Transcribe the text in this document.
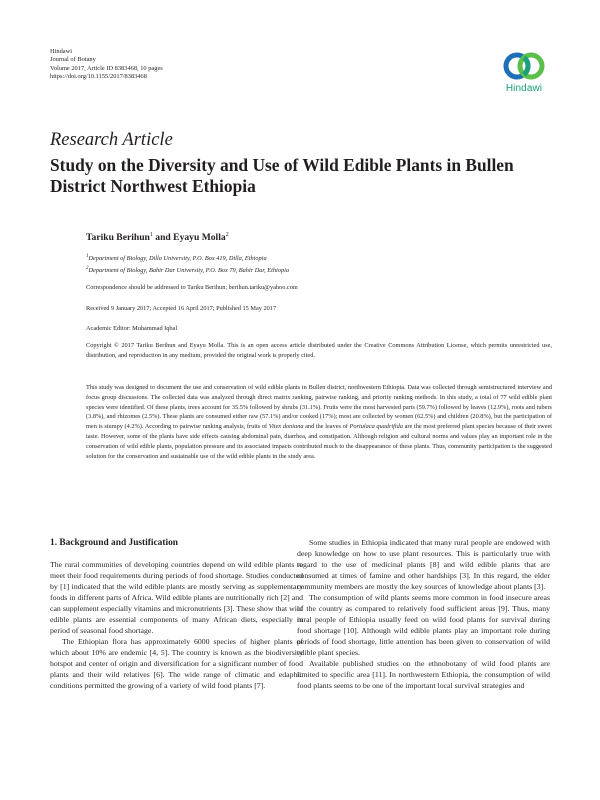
Hindawi
Journal of Botany
Volume 2017, Article ID 8383468, 10 pages
https://doi.org/10.1155/2017/8383468
Hindawi
Research Article
Study on the Diversity and Use of Wild Edible Plants in Bullen District Northwest Ethiopia
Tariku Berihun$^1$ and Eyayu Molla$^2$
$^1$Department of Biology, Dilla University, P.O. Box 419, Dilla, Ethiopia
$^2$Department of Biology, Bahir Dar University, P.O. Box 79, Bahir Dar, Ethiopia
Correspondence should be addressed to Tariku Berihun; berihun.tariku@yahoo.com
Received 9 January 2017; Accepted 16 April 2017; Published 15 May 2017
Academic Editor: Muhammad Iqbal
Copyright © 2017 Tariku Berihun and Eyayu Molla. This is an open access article distributed under the Creative Commons Attribution License, which permits unrestricted use, distribution, and reproduction in any medium, provided the original work is properly cited.
This study was designed to document the use and conservation of wild edible plants in Bullen district, northwestern Ethiopia. Data was collected through semistructured interview and focus group discussions. The collected data was analyzed through direct matrix ranking, pairwise ranking, and priority ranking methods. In this study, a total of 77 wild edible plant species were identified. Of these plants, trees account for 35.5% followed by shrubs (31.1%). Fruits were the most harvested parts (59.7%) followed by leaves (12.9%), roots and tubers (3.8%), and rhizomes (2.5%). These plants are consumed either raw (57.1%) and/or cooked (17%); most are collected by women (62.5%) and children (20.8%), but the participation of men is stumpy (4.2%). According to pairwise ranking analysis, fruits of Vitex doniana and the leaves of Portulaca quadrifida are the most preferred plant species because of their sweet taste. However, some of the plants have side effects causing abdominal pain, diarrhea, and constipation. Although religion and cultural norms and values play an important role in the conservation of wild edible plants, population pressure and its associated impacts contributed much to the disappearance of these plants. Thus, community participation is the suggested solution for the conservation and sustainable use of the wild edible plants in the study area.
1. Background and Justification

The rural communities of developing countries depend on wild edible plants to meet their food requirements during periods of food shortage. Studies conducted by [1] indicated that the wild edible plants are mostly serving as supplementary foods in different parts of Africa. Wild edible plants are nutritionally rich [2] and can supplement especially vitamins and micronutrients [3]. These show that wild edible plants are essential components of many African diets, especially in period of seasonal food shortage.

The Ethiopian flora has approximately 6000 species of higher plants of which about 10% are endemic [4, 5]. The country is known as the biodiversity hotspot and center of origin and diversification for a significant number of food plants and their wild relatives [6]. The wide range of climatic and edaphic conditions permitted the growing of a variety of wild food plants [7].

Some studies in Ethiopia indicated that many rural people are endowed with deep knowledge on how to use plant resources. This is particularly true with regard to the use of medicinal plants [8] and wild edible plants that are consumed at times of famine and other hardships [3]. In this regard, the elder community members are mostly the key sources of knowledge about plants [3].

The consumption of wild plants seems more common in food insecure areas of the country as compared to relatively food sufficient areas [9]. Thus, many rural people of Ethiopia usually feed on wild food plants for survival during food shortage [10]. Although wild edible plants play an important role during periods of food shortage, little attention has been given to conservation of wild edible plant species.

Available published studies on the ethnobotany of wild food plants are limited to specific area [11]. In northwestern Ethiopia, the consumption of wild food plants seems to be one of the important local survival strategies and
